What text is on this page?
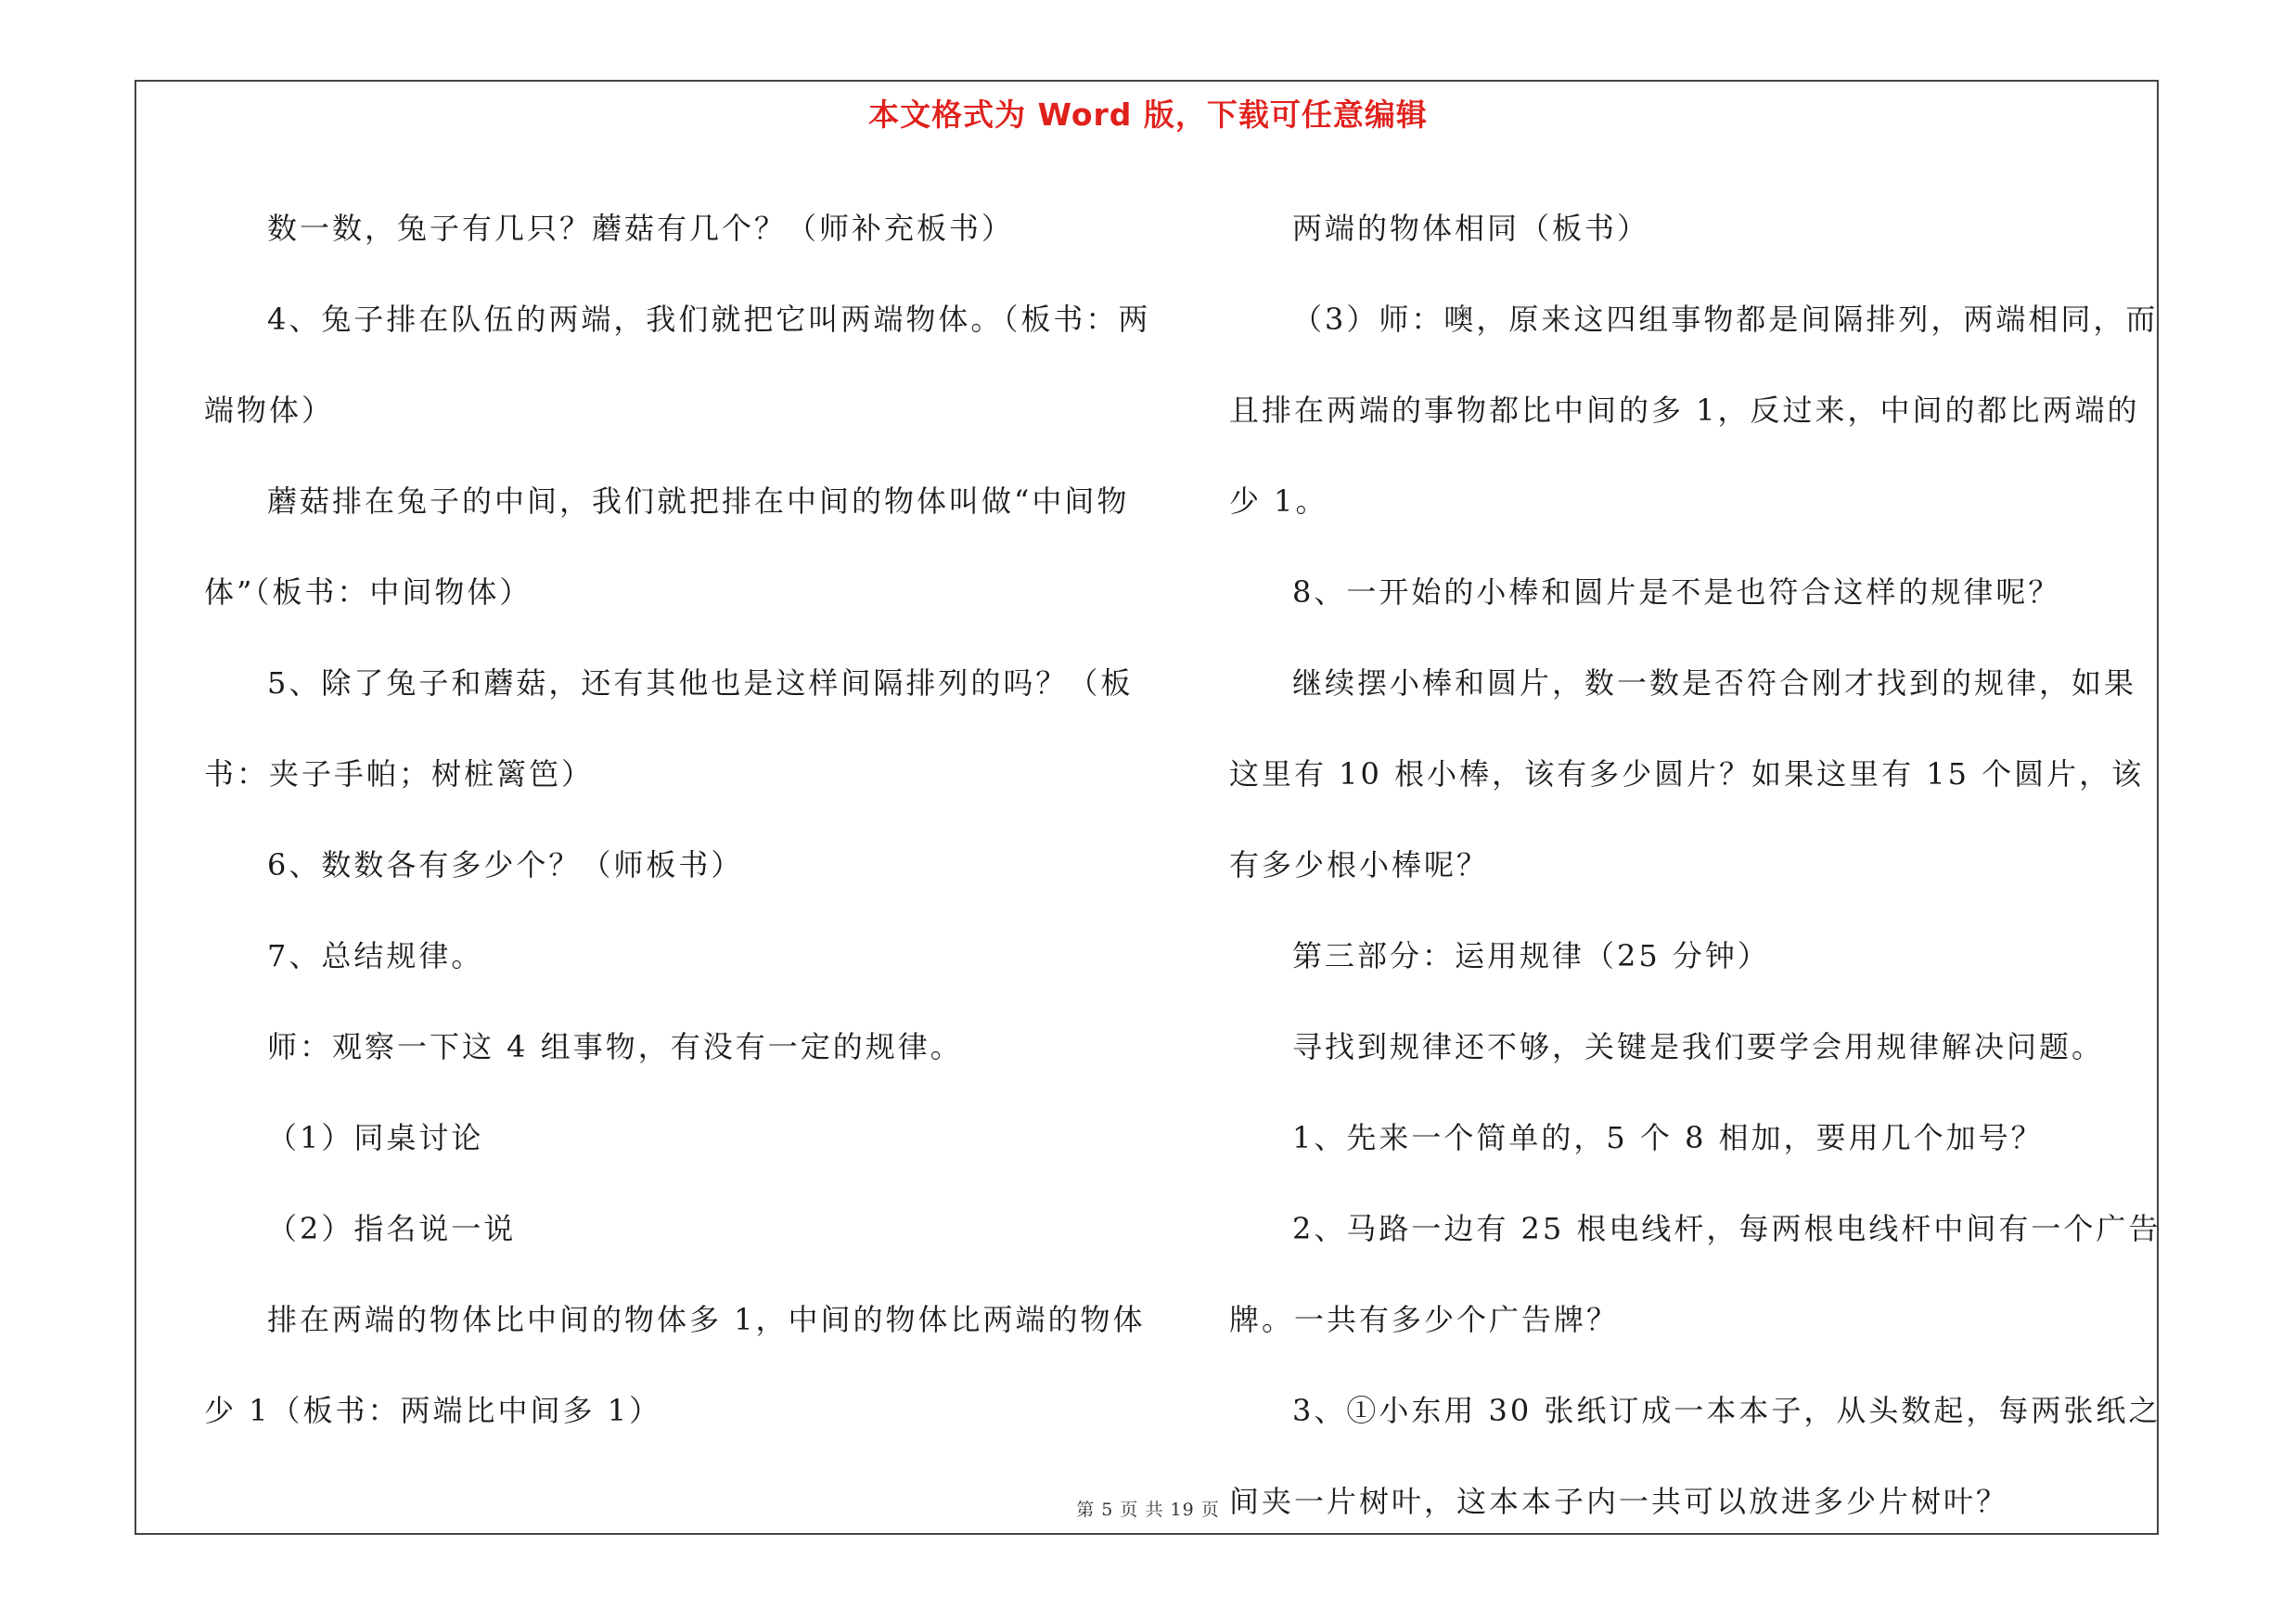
本文格式为 Word 版，下载可任意编辑

数一数，兔子有几只？蘑菇有几个？（师补充板书）

4、兔子排在队伍的两端，我们就把它叫两端物体。（板书：两端物体）

蘑菇排在兔子的中间，我们就把排在中间的物体叫做“中间物体”（板书：中间物体）

5、除了兔子和蘑菇，还有其他也是这样间隔排列的吗？（板书：夹子手帕；树桩篱笆）

6、数数各有多少个？（师板书）

7、总结规律。

师：观察一下这 4 组事物，有没有一定的规律。

（1）同桌讨论

（2）指名说一说

排在两端的物体比中间的物体多 1，中间的物体比两端的物体少 1（板书：两端比中间多 1）

两端的物体相同（板书）

（3）师：噢，原来这四组事物都是间隔排列，两端相同，而且排在两端的事物都比中间的多 1，反过来，中间的都比两端的少 1。

8、一开始的小棒和圆片是不是也符合这样的规律呢？

继续摆小棒和圆片，数一数是否符合刚才找到的规律，如果这里有 10 根小棒，该有多少圆片？如果这里有 15 个圆片，该有多少根小棒呢？

第三部分：运用规律（25 分钟）

寻找到规律还不够，关键是我们要学会用规律解决问题。

1、先来一个简单的，5 个 8 相加，要用几个加号？

2、马路一边有 25 根电线杆，每两根电线杆中间有一个广告牌。一共有多少个广告牌？

3、①小东用 30 张纸订成一本本子，从头数起，每两张纸之间夹一片树叶，这本本子内一共可以放进多少片树叶？

第 5 页 共 19 页
